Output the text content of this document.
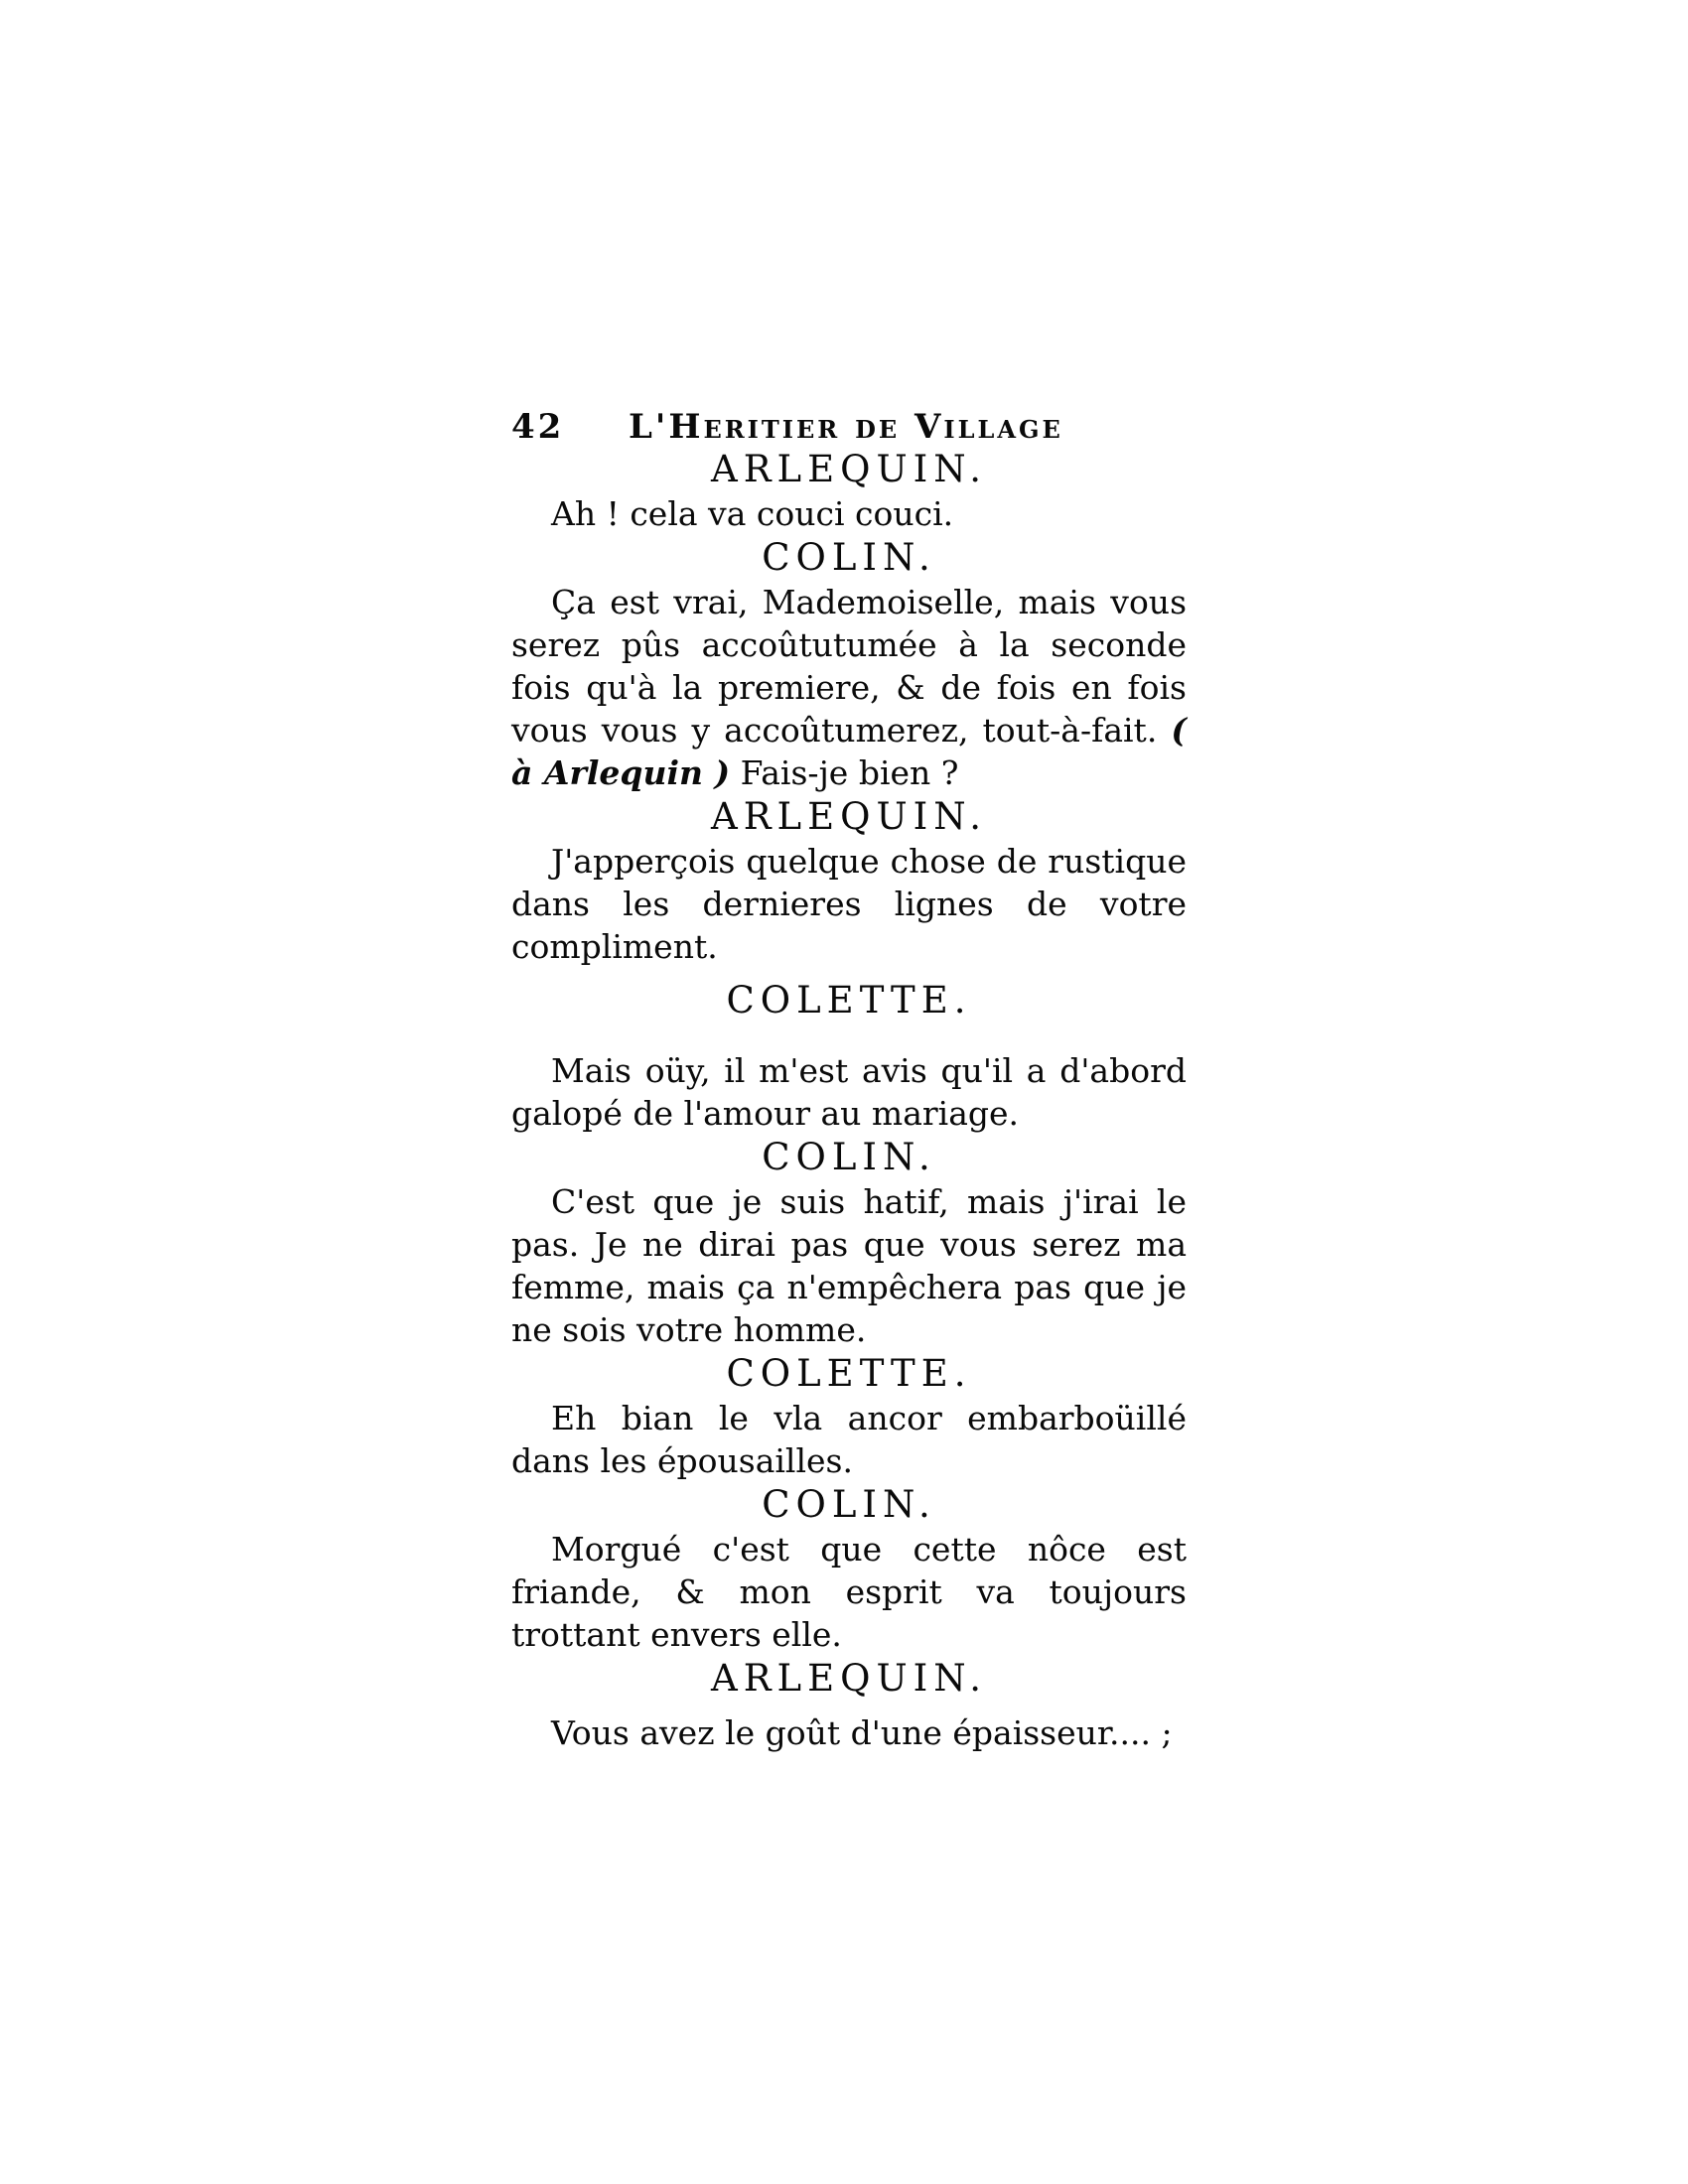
42 L'Heritier de Village

ARLEQUIN.

Ah ! cela va couci couci.

COLIN.

Ça est vrai, Mademoiselle, mais vous serez pûs accoûtutumée à la seconde fois qu'à la premiere, & de fois en fois vous vous y accoûtumerez, tout-à-fait. ( à Arlequin ) Fais-je bien ?

ARLEQUIN.

J'apperçois quelque chose de rustique dans les dernieres lignes de votre compliment.

COLETTE.

Mais oüy, il m'est avis qu'il a d'abord galopé de l'amour au mariage.

COLIN.

C'est que je suis hatif, mais j'irai le pas. Je ne dirai pas que vous serez ma femme, mais ça n'empêchera pas que je ne sois votre homme.

COLETTE.

Eh bian le vla ancor embarboüillé dans les épousailles.

COLIN.

Morgué c'est que cette nôce est friande, & mon esprit va toujours trottant envers elle.

ARLEQUIN.

Vous avez le goût d'une épaisseur.... ;
